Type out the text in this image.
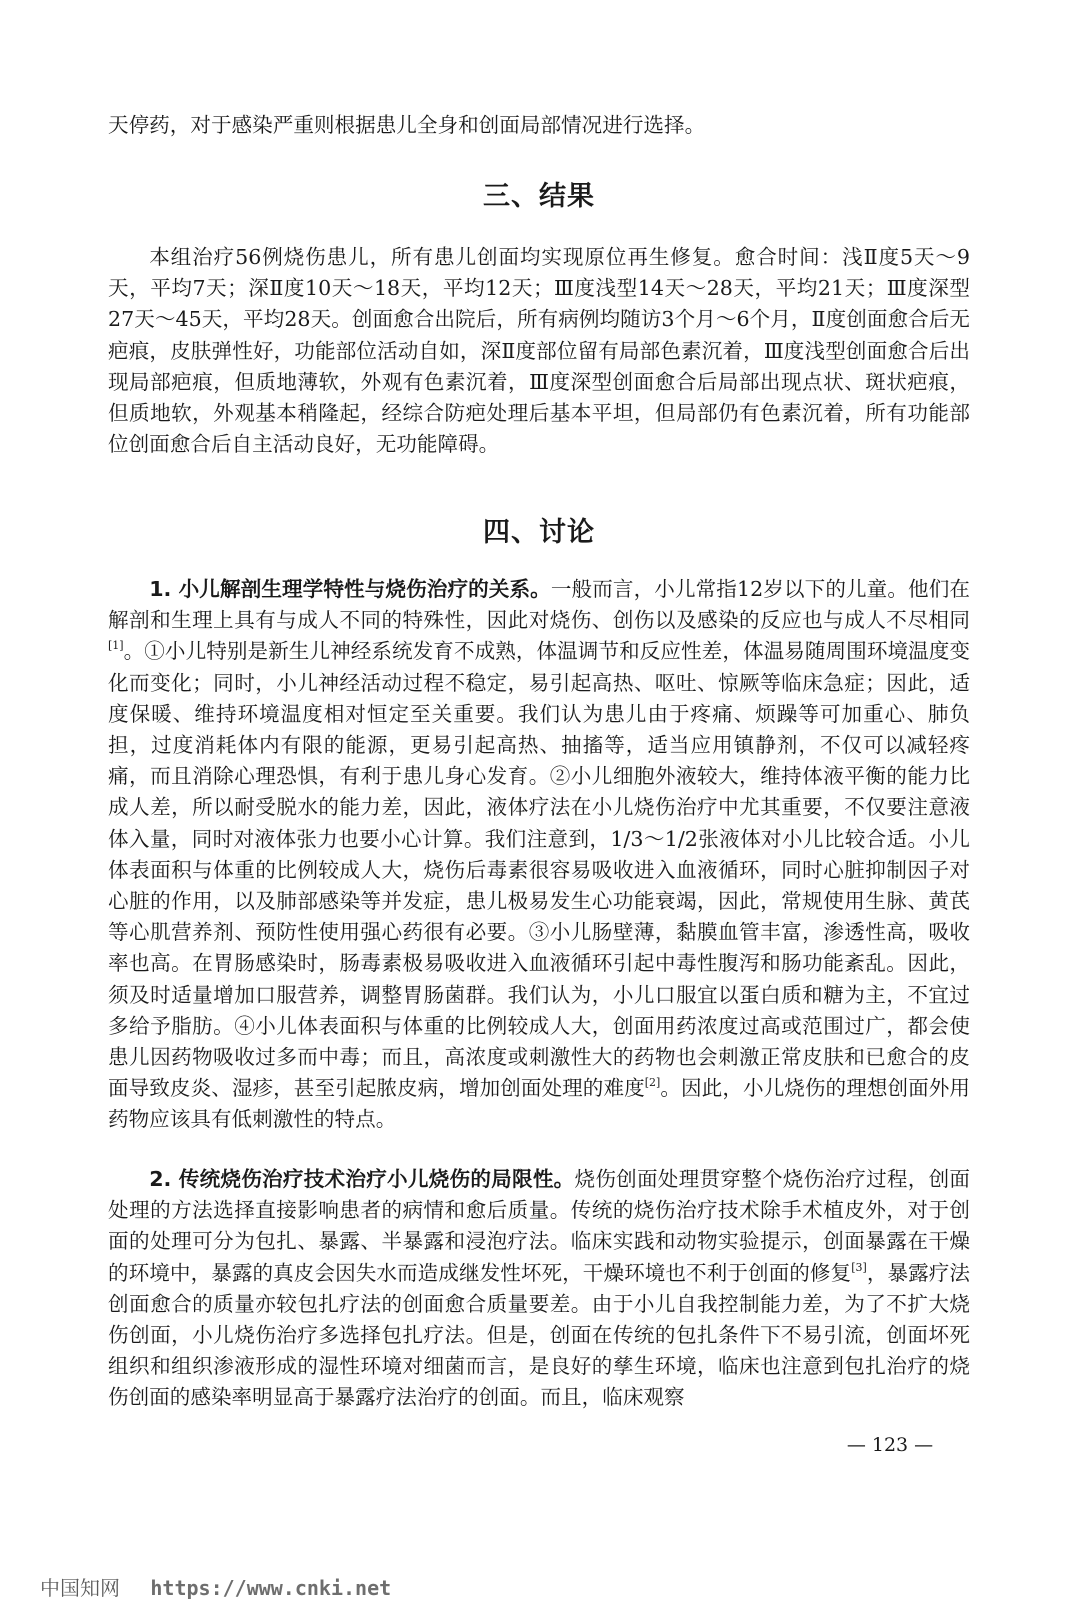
天停药，对于感染严重则根据患儿全身和创面局部情况进行选择。

三、结果

本组治疗56例烧伤患儿，所有患儿创面均实现原位再生修复。愈合时间：浅Ⅱ度5天～9天，平均7天；深Ⅱ度10天～18天，平均12天；Ⅲ度浅型14天～28天，平均21天；Ⅲ度深型27天～45天，平均28天。创面愈合出院后，所有病例均随访3个月～6个月，Ⅱ度创面愈合后无疤痕，皮肤弹性好，功能部位活动自如，深Ⅱ度部位留有局部色素沉着，Ⅲ度浅型创面愈合后出现局部疤痕，但质地薄软，外观有色素沉着，Ⅲ度深型创面愈合后局部出现点状、斑状疤痕，但质地软，外观基本稍隆起，经综合防疤处理后基本平坦，但局部仍有色素沉着，所有功能部位创面愈合后自主活动良好，无功能障碍。

四、讨论

1. 小儿解剖生理学特性与烧伤治疗的关系。一般而言，小儿常指12岁以下的儿童。他们在解剖和生理上具有与成人不同的特殊性，因此对烧伤、创伤以及感染的反应也与成人不尽相同[1]。①小儿特别是新生儿神经系统发育不成熟，体温调节和反应性差，体温易随周围环境温度变化而变化；同时，小儿神经活动过程不稳定，易引起高热、呕吐、惊厥等临床急症；因此，适度保暖、维持环境温度相对恒定至关重要。我们认为患儿由于疼痛、烦躁等可加重心、肺负担，过度消耗体内有限的能源，更易引起高热、抽搐等，适当应用镇静剂，不仅可以减轻疼痛，而且消除心理恐惧，有利于患儿身心发育。②小儿细胞外液较大，维持体液平衡的能力比成人差，所以耐受脱水的能力差，因此，液体疗法在小儿烧伤治疗中尤其重要，不仅要注意液体入量，同时对液体张力也要小心计算。我们注意到，1/3～1/2张液体对小儿比较合适。小儿体表面积与体重的比例较成人大，烧伤后毒素很容易吸收进入血液循环，同时心脏抑制因子对心脏的作用，以及肺部感染等并发症，患儿极易发生心功能衰竭，因此，常规使用生脉、黄芪等心肌营养剂、预防性使用强心药很有必要。③小儿肠壁薄，黏膜血管丰富，渗透性高，吸收率也高。在胃肠感染时，肠毒素极易吸收进入血液循环引起中毒性腹泻和肠功能紊乱。因此，须及时适量增加口服营养，调整胃肠菌群。我们认为，小儿口服宜以蛋白质和糖为主，不宜过多给予脂肪。④小儿体表面积与体重的比例较成人大，创面用药浓度过高或范围过广，都会使患儿因药物吸收过多而中毒；而且，高浓度或刺激性大的药物也会刺激正常皮肤和已愈合的皮面导致皮炎、湿疹，甚至引起脓皮病，增加创面处理的难度[2]。因此，小儿烧伤的理想创面外用药物应该具有低刺激性的特点。

2. 传统烧伤治疗技术治疗小儿烧伤的局限性。烧伤创面处理贯穿整个烧伤治疗过程，创面处理的方法选择直接影响患者的病情和愈后质量。传统的烧伤治疗技术除手术植皮外，对于创面的处理可分为包扎、暴露、半暴露和浸泡疗法。临床实践和动物实验提示，创面暴露在干燥的环境中，暴露的真皮会因失水而造成继发性坏死，干燥环境也不利于创面的修复[3]，暴露疗法创面愈合的质量亦较包扎疗法的创面愈合质量要差。由于小儿自我控制能力差，为了不扩大烧伤创面，小儿烧伤治疗多选择包扎疗法。但是，创面在传统的包扎条件下不易引流，创面坏死组织和组织渗液形成的湿性环境对细菌而言，是良好的孳生环境，临床也注意到包扎治疗的烧伤创面的感染率明显高于暴露疗法治疗的创面。而且，临床观察

— 123 —
中国知网 https://www.cnki.net
